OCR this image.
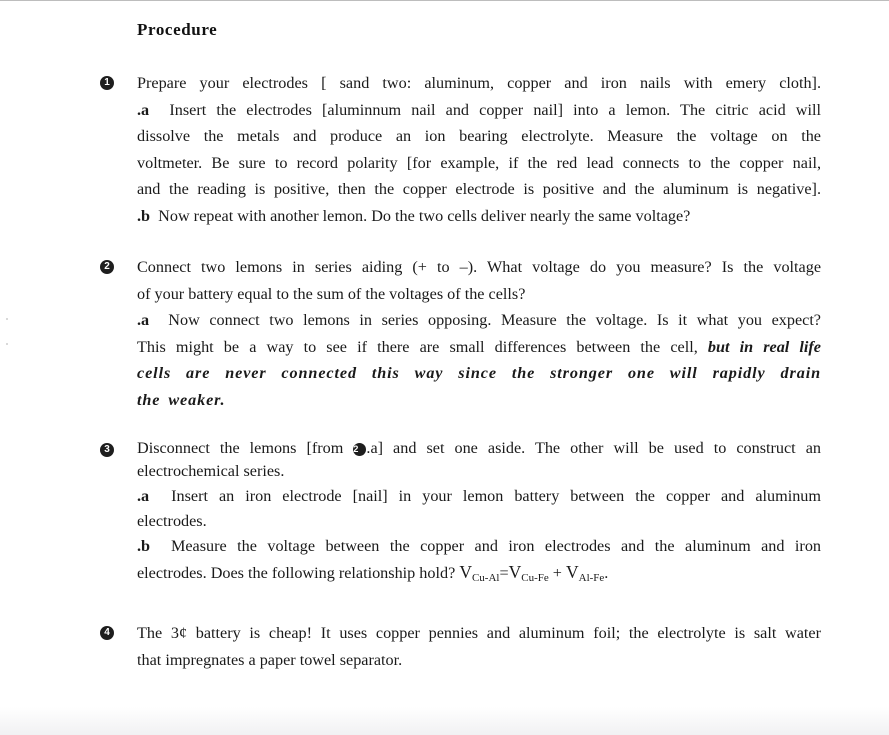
Procedure
1 Prepare your electrodes [ sand two: aluminum, copper and iron nails with emery cloth].
.a Insert the electrodes [aluminnum nail and copper nail] into a lemon. The citric acid will
dissolve the metals and produce an ion bearing electrolyte. Measure the voltage on the
voltmeter. Be sure to record polarity [for example, if the red lead connects to the copper nail,
and the reading is positive, then the copper electrode is positive and the aluminum is negative].
.b Now repeat with another lemon. Do the two cells deliver nearly the same voltage?
2 Connect two lemons in series aiding (+ to –). What voltage do you measure? Is the voltage
of your battery equal to the sum of the voltages of the cells?
.a Now connect two lemons in series opposing. Measure the voltage. Is it what you expect?
This might be a way to see if there are small differences between the cell, but in real life
cells are never connected this way since the stronger one will rapidly drain
the weaker.
3 Disconnect the lemons [from 2 .a] and set one aside. The other will be used to construct an
electrochemical series.
.a Insert an iron electrode [nail] in your lemon battery between the copper and aluminum
electrodes.
.b Measure the voltage between the copper and iron electrodes and the aluminum and iron
electrodes. Does the following relationship hold? $V_{Cu-Al}=V_{Cu-Fe} + V_{Al-Fe}$.
4 The 3¢ battery is cheap! It uses copper pennies and aluminum foil; the electrolyte is salt water
that impregnates a paper towel separator.
